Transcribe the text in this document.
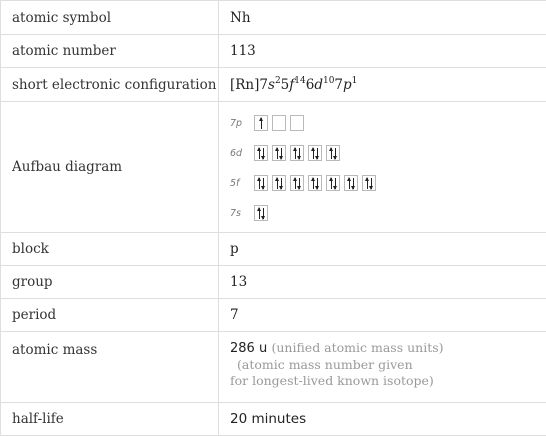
atomic symbol	Nh
atomic number	113
short electronic configuration	$[Rn]7s^25f^{14}6d^{10}7p^1$
Aufbau diagram	7p
6d
5f
7s

block	p
group	13
period	7
atomic mass	286 u (unified atomic mass units)
(atomic mass number given
for longest-lived known isotope)
half-life	20 minutes
